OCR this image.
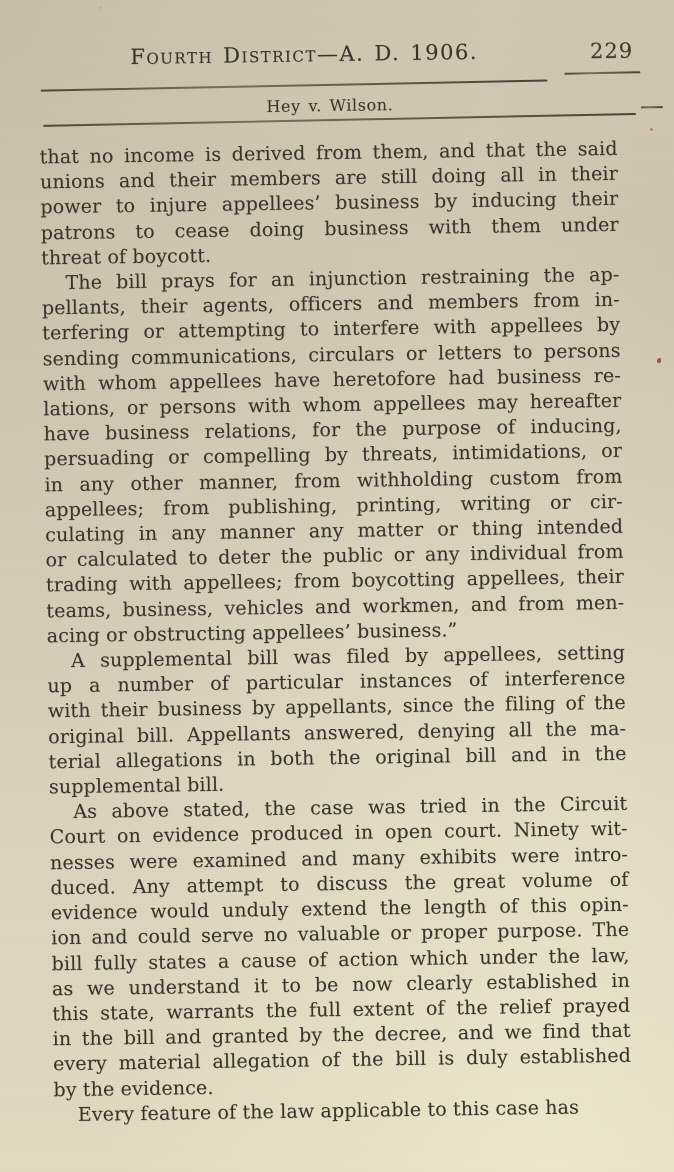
Fourth District—A. D. 1906.	229
Hey v. Wilson.
that no income is derived from them, and that the said
unions and their members are still doing all in their
power to injure appellees’ business by inducing their
patrons to cease doing business with them under
threat of boycott.
The bill prays for an injunction restraining the ap-
pellants, their agents, officers and members from in-
terfering or attempting to interfere with appellees by
sending communications, circulars or letters to persons
with whom appellees have heretofore had business re-
lations, or persons with whom appellees may hereafter
have business relations, for the purpose of inducing,
persuading or compelling by threats, intimidations, or
in any other manner, from withholding custom from
appellees; from publishing, printing, writing or cir-
culating in any manner any matter or thing intended
or calculated to deter the public or any individual from
trading with appellees; from boycotting appellees, their
teams, business, vehicles and workmen, and from men-
acing or obstructing appellees’ business.”
A supplemental bill was filed by appellees, setting
up a number of particular instances of interference
with their business by appellants, since the filing of the
original bill. Appellants answered, denying all the ma-
terial allegations in both the original bill and in the
supplemental bill.
As above stated, the case was tried in the Circuit
Court on evidence produced in open court. Ninety wit-
nesses were examined and many exhibits were intro-
duced. Any attempt to discuss the great volume of
evidence would unduly extend the length of this opin-
ion and could serve no valuable or proper purpose. The
bill fully states a cause of action which under the law,
as we understand it to be now clearly established in
this state, warrants the full extent of the relief prayed
in the bill and granted by the decree, and we find that
every material allegation of the bill is duly established
by the evidence.
Every feature of the law applicable to this case has
